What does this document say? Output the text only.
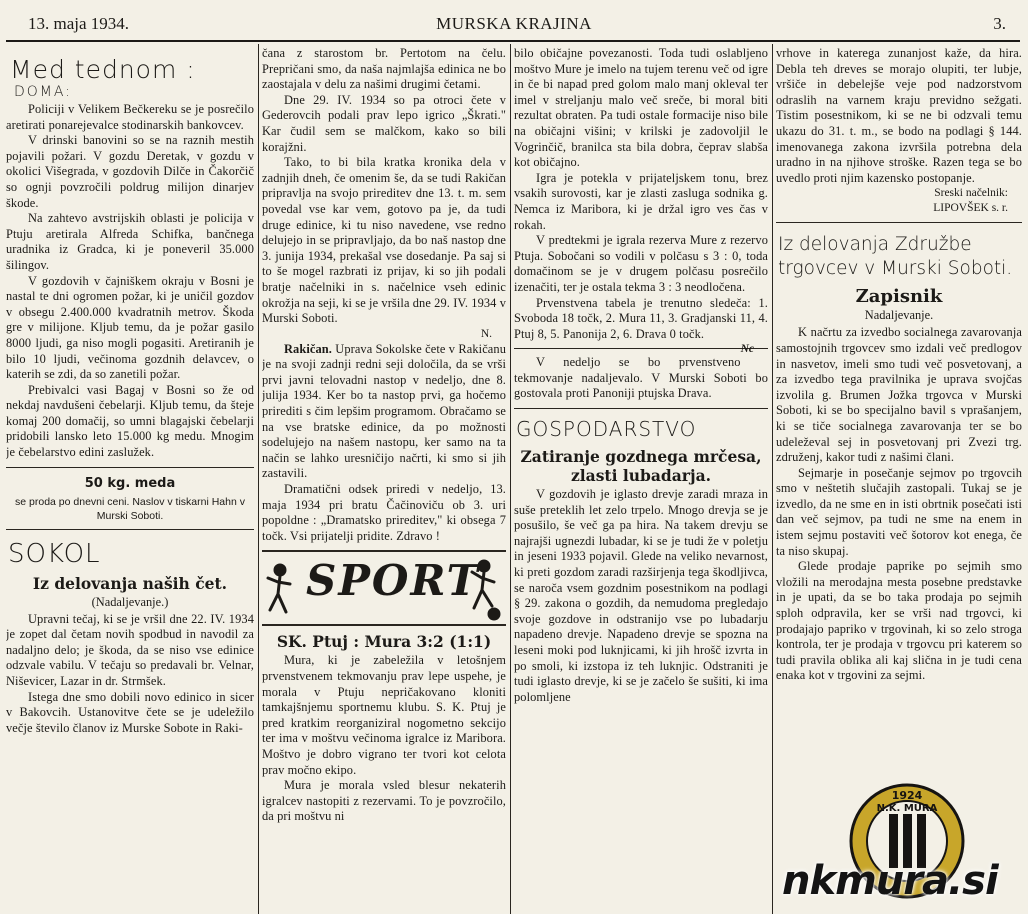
13. maja 1934.	MURSKA KRAJINA	3.
Med tednom :
DOMA:

Policiji v Velikem Bečkereku se je posrečilo aretirati ponarejevalce stodinarskih bankovcev.

V drinski banovini so se na raznih mestih pojavili požari. V gozdu Deretak, v gozdu v okolici Višegrada, v gozdovih Dilče in Čakorčič so ognji povzročili poldrug milijon dinarjev škode.

Na zahtevo avstrijskih oblasti je policija v Ptuju aretirala Alfreda Schifka, bančnega uradnika iz Gradca, ki je poneveril 35.000 šilingov.

V gozdovih v čajniškem okraju v Bosni je nastal te dni ogromen požar, ki je uničil gozdov v obsegu 2.400.000 kvadratnih metrov. Škoda gre v milijone. Kljub temu, da je požar gasilo 8000 ljudi, ga niso mogli pogasiti. Aretiranih je bilo 10 ljudi, večinoma gozdnih delavcev, o katerih se zdi, da so zanetili požar.

Prebivalci vasi Bagaj v Bosni so že od nekdaj navdušeni čebelarji. Kljub temu, da šteje komaj 200 domačij, so umni blagajski čebelarji pridobili lansko leto 15.000 kg medu. Mnogim je čebelarstvo edini zaslužek.

50 kg. meda
se proda po dnevni ceni. Naslov v tiskarni Hahn v Murski Soboti.
SOKOL
Iz delovanja naših čet.
(Nadaljevanje.)

Upravni tečaj, ki se je vršil dne 22. IV. 1934 je zopet dal četam novih spodbud in navodil za nadaljno delo; je škoda, da se niso vse edinice odzvale vabilu. V tečaju so predavali br. Velnar, Niševicer, Lazar in dr. Strmšek.

Istega dne smo dobili novo edinico in sicer v Bakovcih. Ustanovitve čete se je udeležilo večje število članov iz Murske Sobote in Raki-

čana z starostom br. Pertotom na čelu. Prepričani smo, da naša najmlajša edinica ne bo zaostajala v delu za našimi drugimi četami.

Dne 29. IV. 1934 so pa otroci čete v Gederovcih podali prav lepo igrico „Škrati." Kar čudil sem se malčkom, kako so bili korajžni.

Tako, to bi bila kratka kronika dela v zadnjih dneh, če omenim še, da se tudi Rakičan pripravlja na svojo prireditev dne 13. t. m. sem povedal vse kar vem, gotovo pa je, da tudi druge edinice, ki tu niso navedene, vse redno delujejo in se pripravljajo, da bo naš nastop dne 3. junija 1934, prekašal vse dosedanje. Pa saj si to še mogel razbrati iz prijav, ki so jih podali bratje načelniki in s. načelnice vseh edinic okrožja na seji, ki se je vršila dne 29. IV. 1934 v Murski Soboti.

N.

Rakičan. Uprava Sokolske čete v Rakičanu je na svoji zadnji redni seji določila, da se vrši prvi javni telovadni nastop v nedeljo, dne 8. julija 1934. Ker bo ta nastop prvi, ga hočemo prirediti s čim lepšim programom. Obračamo se na vse bratske edinice, da po možnosti sodelujejo na našem nastopu, ker samo na ta način se lahko uresničijo načrti, ki smo si jih zastavili.

Dramatični odsek priredi v nedeljo, 13. maja 1934 pri bratu Čačinoviču ob 3. uri popoldne : „Dramatsko prireditev," ki obsega 7 točk. Vsi prijatelji pridite. Zdravo !

SPORT
SK. Ptuj : Mura 3:2 (1:1)

Mura, ki je zabeležila v letošnjem prvenstvenem tekmovanju prav lepe uspehe, je morala v Ptuju nepričakovano kloniti tamkajšnjemu sportnemu klubu. S. K. Ptuj je pred kratkim reorganiziral nogometno sekcijo ter ima v moštvu večinoma igralce iz Maribora. Moštvo je dobro vigrano ter tvori kot celota prav močno ekipo.

Mura je morala vsled blesur nekaterih igralcev nastopiti z rezervami. To je povzročilo, da pri moštvu ni

bilo običajne povezanosti. Toda tudi oslabljeno moštvo Mure je imelo na tujem terenu več od igre in če bi napad pred golom malo manj okleval ter imel v streljanju malo več sreče, bi moral biti rezultat obraten. Pa tudi ostale formacije niso bile na običajni višini; v krilski je zadovoljil le Vogrinčič, branilca sta bila dobra, čeprav slabša kot običajno.

Igra je potekla v prijateljskem tonu, brez vsakih surovosti, kar je zlasti zasluga sodnika g. Nemca iz Maribora, ki je držal igro ves čas v rokah.

V predtekmi je igrala rezerva Mure z rezervo Ptuja. Sobočani so vodili v polčasu s 3 : 0, toda domačinom se je v drugem polčasu posrečilo izenačiti, ter je ostala tekma 3 : 3 neodločena.

Prvenstvena tabela je trenutno sledeča: 1. Svoboda 18 točk, 2. Mura 11, 3. Gradjanski 11, 4. Ptuj 8, 5. Panonija 2, 6. Drava 0 točk.

Nc

V nedeljo se bo prvenstveno tekmovanje nadaljevalo. V Murski Soboti bo gostovala proti Panoniji ptujska Drava.

GOSPODARSTVO
Zatiranje gozdnega mrčesa, zlasti lubadarja.

V gozdovih je iglasto drevje zaradi mraza in suše preteklih let zelo trpelo. Mnogo drevja se je posušilo, še več ga pa hira. Na takem drevju se najrajši ugnezdi lubadar, ki se je tudi že v poletju in jeseni 1933 pojavil. Glede na veliko nevarnost, ki preti gozdom zaradi razširjenja tega škodljivca, se naroča vsem gozdnim posestnikom na podlagi § 29. zakona o gozdih, da nemudoma pregledajo svoje gozdove in odstranijo vse po lubadarju napadeno drevje. Napadeno drevje se spozna na leseni moki pod luknjicami, ki jih hrošč izvrta in po smoli, ki izstopa iz teh luknjic. Odstraniti je tudi iglasto drevje, ki se je začelo še sušiti, ki ima polomljene

vrhove in katerega zunanjost kaže, da hira. Debla teh dreves se morajo olupiti, ter lubje, vršiče in debelejše veje pod nadzorstvom odraslih na varnem kraju previdno sežgati. Tistim posestnikom, ki se ne bi odzvali temu ukazu do 31. t. m., se bodo na podlagi § 144. imenovanega zakona izvršila potrebna dela uradno in na njihove stroške. Razen tega se bo uvedlo proti njim kazensko postopanje.

Sreski načelnik:
LIPOVŠEK s. r.
Iz delovanja Združbe trgovcev v Murski Soboti.
Zapisnik
Nadaljevanje.

K načrtu za izvedbo socialnega zavarovanja samostojnih trgovcev smo izdali več predlogov in nasvetov, imeli smo tudi več posvetovanj, a za izvedbo tega pravilnika je uprava svojčas izvolila g. Brumen Jožka trgovca v Murski Soboti, ki se bo specijalno bavil s vprašanjem, ki se tiče socialnega zavarovanja ter se bo udeleževal sej in posvetovanj pri Zvezi trg. združenj, kakor tudi z našimi člani.

Sejmarje in posečanje sejmov po trgovcih smo v neštetih slučajih zastopali. Tukaj se je izvedlo, da ne sme en in isti obrtnik posečati isti dan več sejmov, pa tudi ne sme na enem in istem sejmu postaviti več šotorov kot enega, če ta niso skupaj.

Glede prodaje paprike po sejmih smo vložili na merodajna mesta posebne predstavke in je upati, da se bo taka prodaja po sejmih sploh odpravila, ker se vrši nad trgovci, ki prodajajo papriko v trgovinah, ki so zelo stroga kontrola, ter je prodaja v trgovcu pri katerem so tudi pravila oblika ali kaj slična in je tudi cena enaka kot v trgovini za sejmi.

1924
N.K. MURA
nkmura.si
